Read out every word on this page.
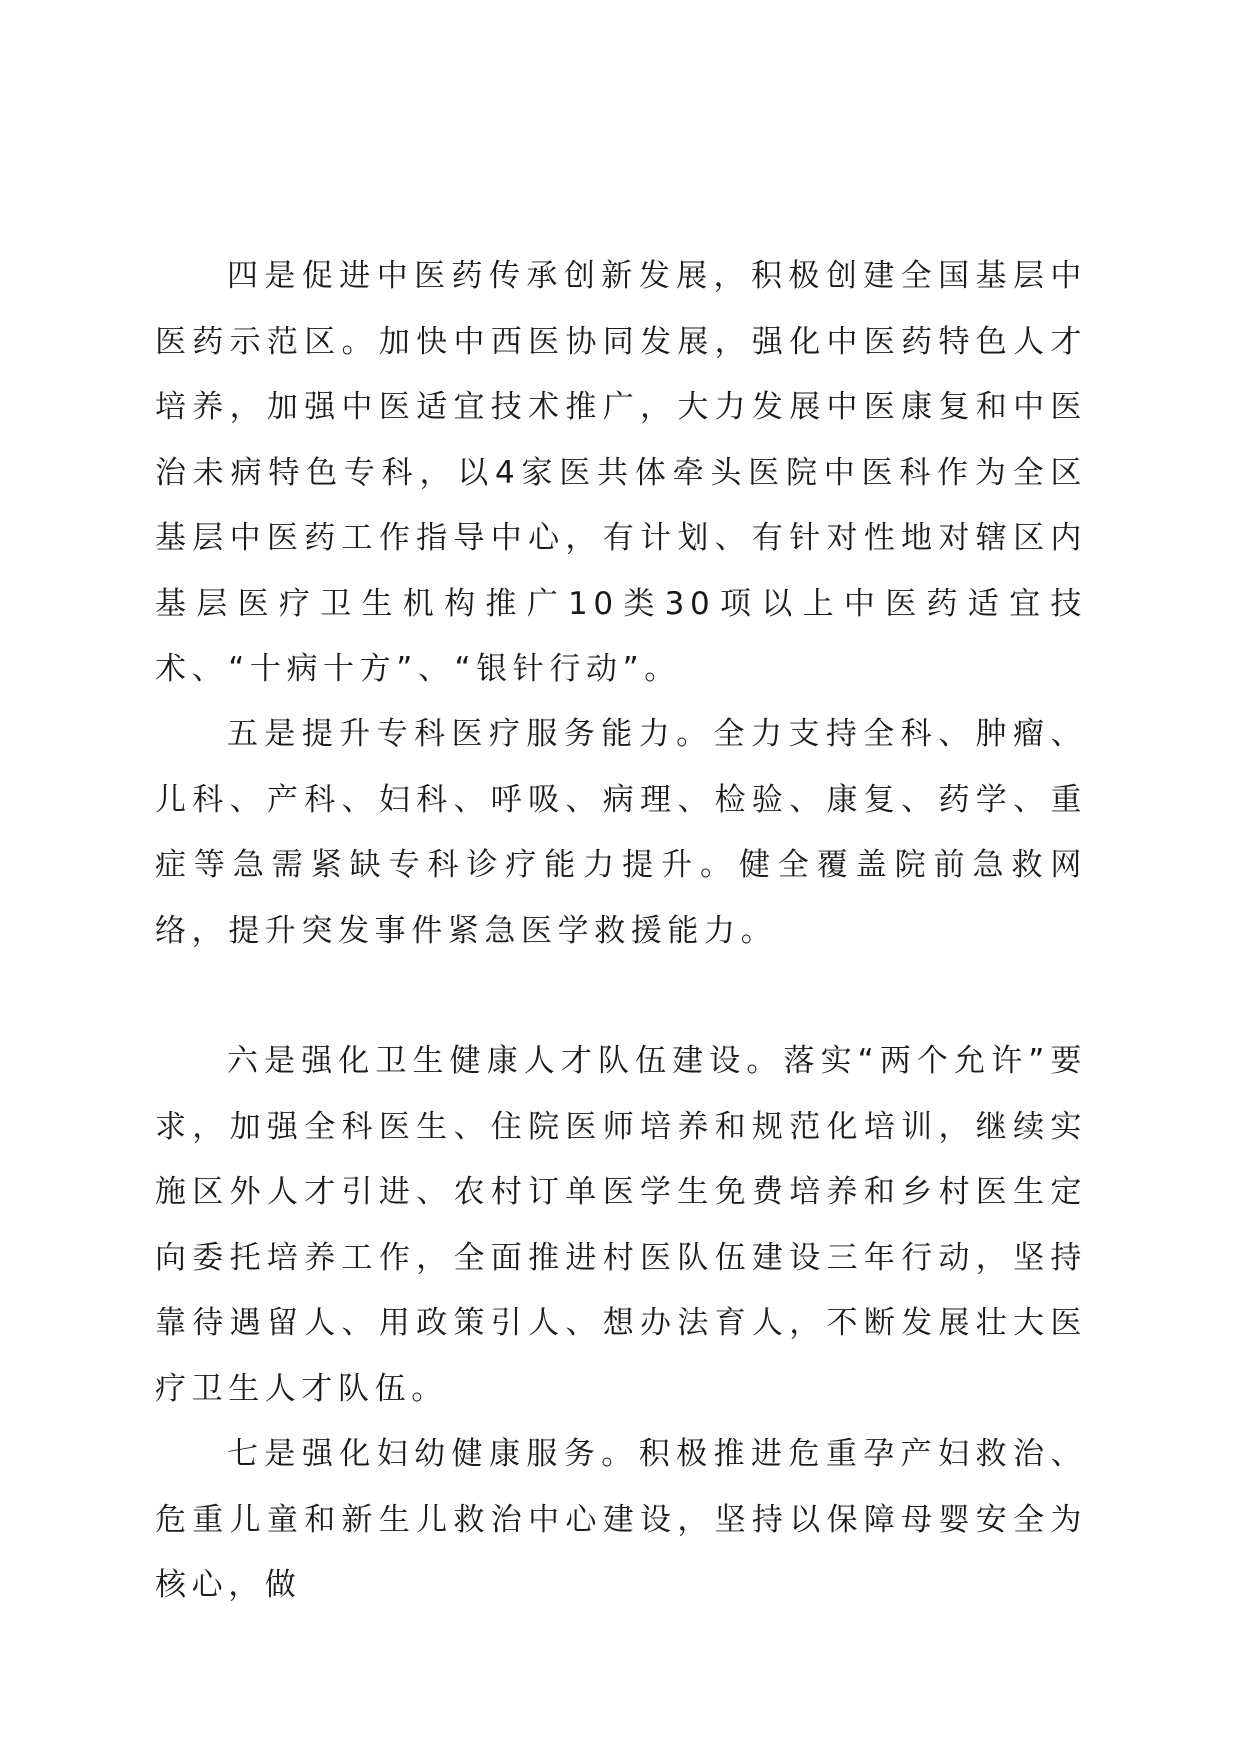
四是促进中医药传承创新发展，积极创建全国基层中医药示范区。加快中西医协同发展，强化中医药特色人才培养，加强中医适宜技术推广，大力发展中医康复和中医治未病特色专科，以4家医共体牵头医院中医科作为全区基层中医药工作指导中心，有计划、有针对性地对辖区内基层医疗卫生机构推广10类30项以上中医药适宜技术、“十病十方”、“银针行动”。

五是提升专科医疗服务能力。全力支持全科、肿瘤、儿科、产科、妇科、呼吸、病理、检验、康复、药学、重症等急需紧缺专科诊疗能力提升。健全覆盖院前急救网络，提升突发事件紧急医学救援能力。

六是强化卫生健康人才队伍建设。落实“两个允许”要求，加强全科医生、住院医师培养和规范化培训，继续实施区外人才引进、农村订单医学生免费培养和乡村医生定向委托培养工作，全面推进村医队伍建设三年行动，坚持靠待遇留人、用政策引人、想办法育人，不断发展壮大医疗卫生人才队伍。

七是强化妇幼健康服务。积极推进危重孕产妇救治、危重儿童和新生儿救治中心建设，坚持以保障母婴安全为核心，做
